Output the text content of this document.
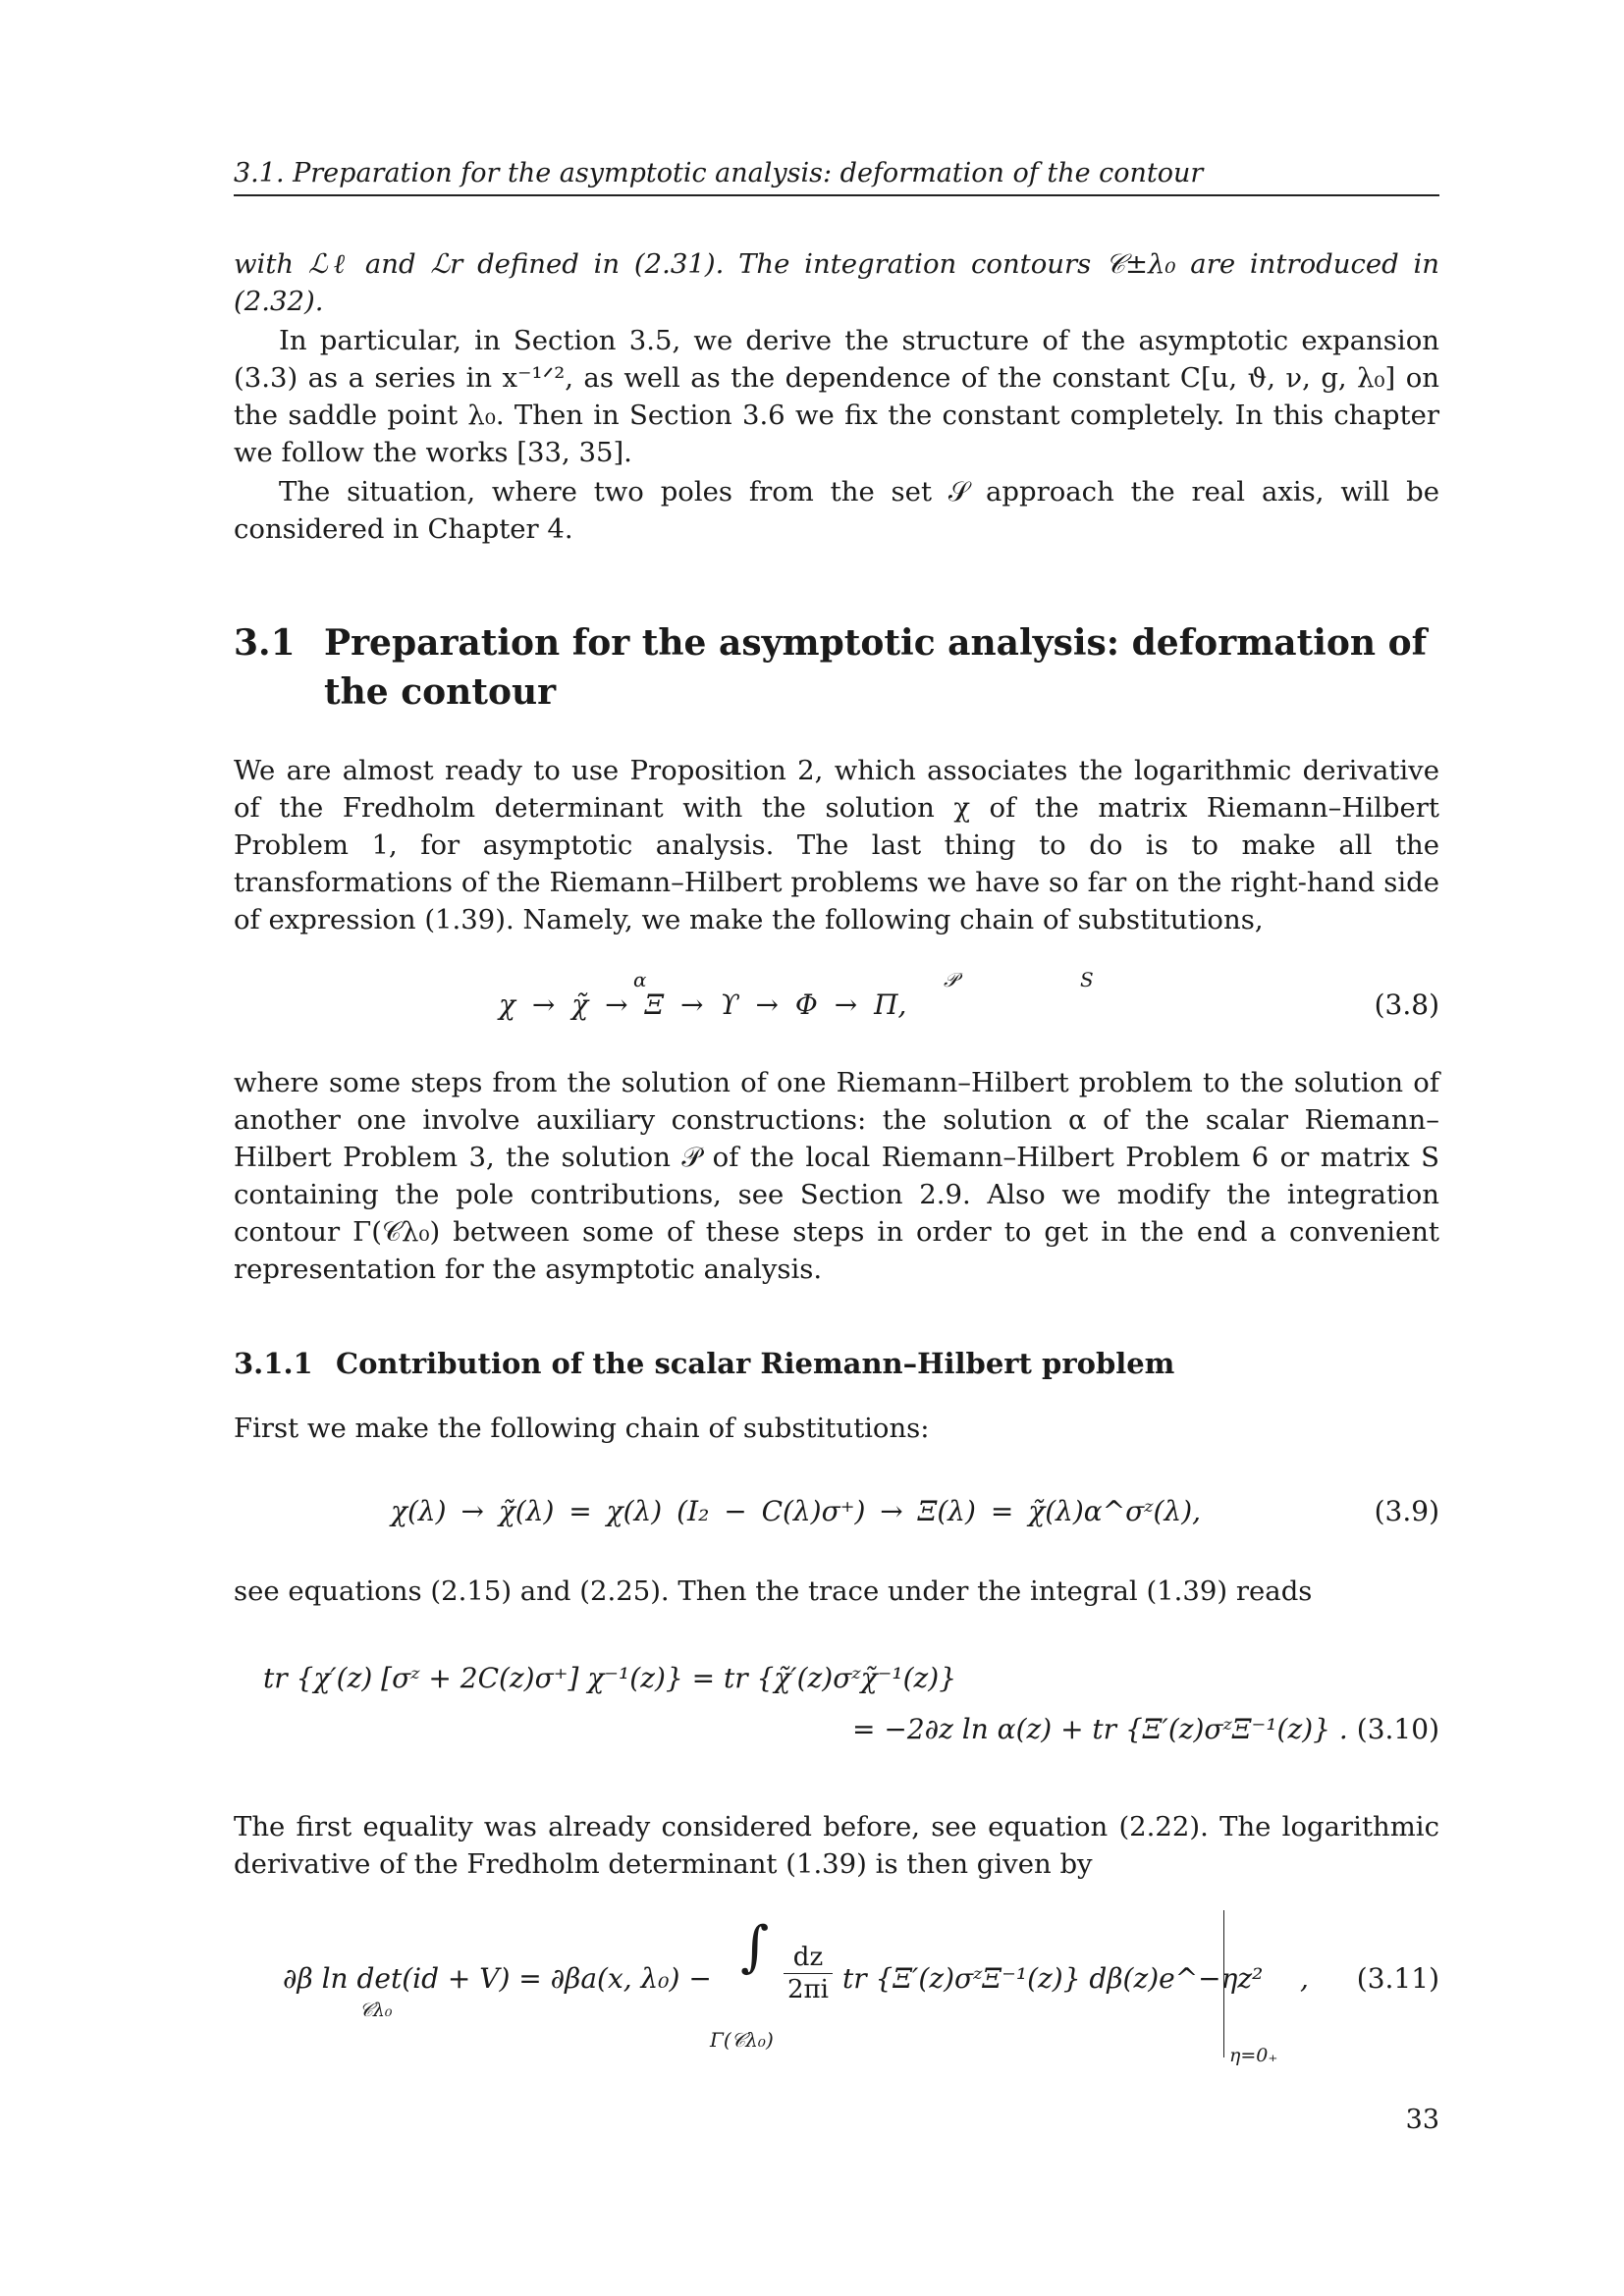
3.1. Preparation for the asymptotic analysis: deformation of the contour

with ℒℓ and ℒr defined in (2.31). The integration contours 𝒞±λ₀ are introduced in (2.32).

In particular, in Section 3.5, we derive the structure of the asymptotic expansion (3.3) as a series in x⁻¹ᐟ², as well as the dependence of the constant C[u, ϑ, ν, g, λ₀] on the saddle point λ₀. Then in Section 3.6 we fix the constant completely. In this chapter we follow the works [33, 35].

The situation, where two poles from the set 𝒮 approach the real axis, will be considered in Chapter 4.

3.1 Preparation for the asymptotic analysis: deformation of the contour

We are almost ready to use Proposition 2, which associates the logarithmic derivative of the Fredholm determinant with the solution χ of the matrix Riemann–Hilbert Problem 1, for asymptotic analysis. The last thing to do is to make all the transformations of the Riemann–Hilbert problems we have so far on the right-hand side of expression (1.39). Namely, we make the following chain of substitutions,

χ → χ̃ → Ξ → ϒ → Φ → Π,
α	𝒫	S
(3.8)

where some steps from the solution of one Riemann–Hilbert problem to the solution of another one involve auxiliary constructions: the solution α of the scalar Riemann–Hilbert Problem 3, the solution 𝒫 of the local Riemann–Hilbert Problem 6 or matrix S containing the pole contributions, see Section 2.9. Also we modify the integration contour Γ(𝒞λ₀) between some of these steps in order to get in the end a convenient representation for the asymptotic analysis.

3.1.1 Contribution of the scalar Riemann–Hilbert problem

First we make the following chain of substitutions:

χ(λ) → χ̃(λ) = χ(λ) (I₂ − C(λ)σ⁺) → Ξ(λ) = χ̃(λ)α^σᶻ(λ),	(3.9)

see equations (2.15) and (2.25). Then the trace under the integral (1.39) reads

tr {χ′(z) [σᶻ + 2C(z)σ⁺] χ⁻¹(z)} = tr {χ̃′(z)σᶻχ̃⁻¹(z)}
= −2∂z ln α(z) + tr {Ξ′(z)σᶻΞ⁻¹(z)} . (3.10)

The first equality was already considered before, see equation (2.22). The logarithmic derivative of the Fredholm determinant (1.39) is then given by

∂β ln det(id + V) = ∂βa(x, λ₀) −
𝒞λ₀
∫
Γ(𝒞λ₀)
$\frac{dz}{2\pi i}$ tr {Ξ′(z)σᶻΞ⁻¹(z)} dβ(z)e^−ηz²
η=0₊
, (3.11)
33
